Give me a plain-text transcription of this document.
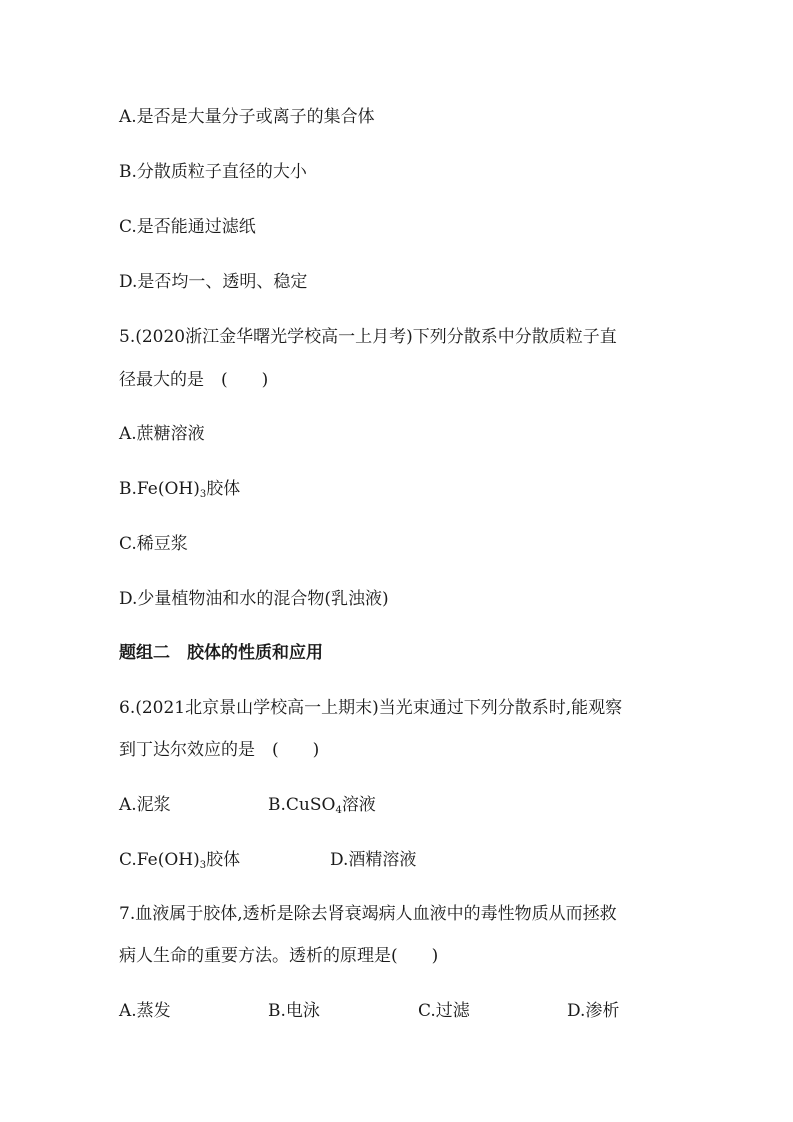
A.是否是大量分子或离子的集合体
B.分散质粒子直径的大小
C.是否能通过滤纸
D.是否均一、透明、稳定
5.(2020浙江金华曙光学校高一上月考)下列分散系中分散质粒子直
径最大的是　(　　)
A.蔗糖溶液
$B.Fe(OH)_3$胶体
C.稀豆浆
D.少量植物油和水的混合物(乳浊液)
题组二　胶体的性质和应用
6.(2021北京景山学校高一上期末)当光束通过下列分散系时,能观察
到丁达尔效应的是　(　　)
A.泥浆	B.CuSO$_4$溶液
$C.Fe(OH)_3$胶体	D.酒精溶液
7.血液属于胶体,透析是除去肾衰竭病人血液中的毒性物质从而拯救
病人生命的重要方法。透析的原理是(　　)
A.蒸发	B.电泳	C.过滤	D.渗析
